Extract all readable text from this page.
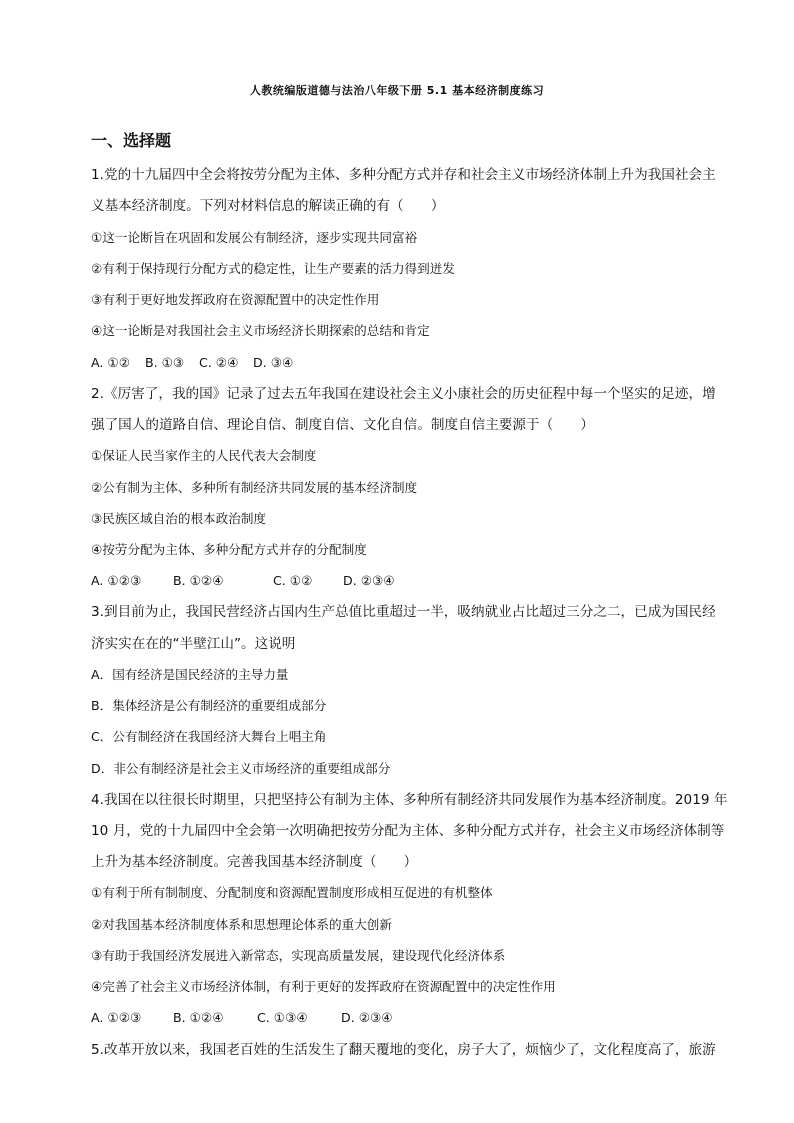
人教统编版道德与法治八年级下册 5.1 基本经济制度练习
一、选择题
1.党的十九届四中全会将按劳分配为主体、多种分配方式并存和社会主义市场经济体制上升为我国社会主
义基本经济制度。下列对材料信息的解读正确的有（　　）
①这一论断旨在巩固和发展公有制经济，逐步实现共同富裕
②有利于保持现行分配方式的稳定性，让生产要素的活力得到迸发
③有利于更好地发挥政府在资源配置中的决定性作用
④这一论断是对我国社会主义市场经济长期探索的总结和肯定
A. ①② B. ①③ C. ②④ D. ③④
2.《厉害了，我的国》记录了过去五年我国在建设社会主义小康社会的历史征程中每一个坚实的足迹，增
强了国人的道路自信、理论自信、制度自信、文化自信。制度自信主要源于（　　）
①保证人民当家作主的人民代表大会制度
②公有制为主体、多种所有制经济共同发展的基本经济制度
③民族区域自治的根本政治制度
④按劳分配为主体、多种分配方式并存的分配制度
A. ①②③	B. ①②④	C. ①② D. ②③④
3.到目前为止，我国民营经济占国内生产总值比重超过一半，吸纳就业占比超过三分之二，已成为国民经
济实实在在的“半壁江山”。这说明
A．国有经济是国民经济的主导力量
B．集体经济是公有制经济的重要组成部分
C．公有制经济在我国经济大舞台上唱主角
D．非公有制经济是社会主义市场经济的重要组成部分
4.我国在以往很长时期里，只把坚持公有制为主体、多种所有制经济共同发展作为基本经济制度。2019 年
10 月，党的十九届四中全会第一次明确把按劳分配为主体、多种分配方式并存，社会主义市场经济体制等
上升为基本经济制度。完善我国基本经济制度（　　）
①有利于所有制制度、分配制度和资源配置制度形成相互促进的有机整体
②对我国基本经济制度体系和思想理论体系的重大创新
③有助于我国经济发展进入新常态，实现高质量发展，建设现代化经济体系
④完善了社会主义市场经济体制，有利于更好的发挥政府在资源配置中的决定性作用
A. ①②③	B. ①②④	C. ①③④	D. ②③④
5.改革开放以来，我国老百姓的生活发生了翻天覆地的变化，房子大了，烦恼少了，文化程度高了，旅游
